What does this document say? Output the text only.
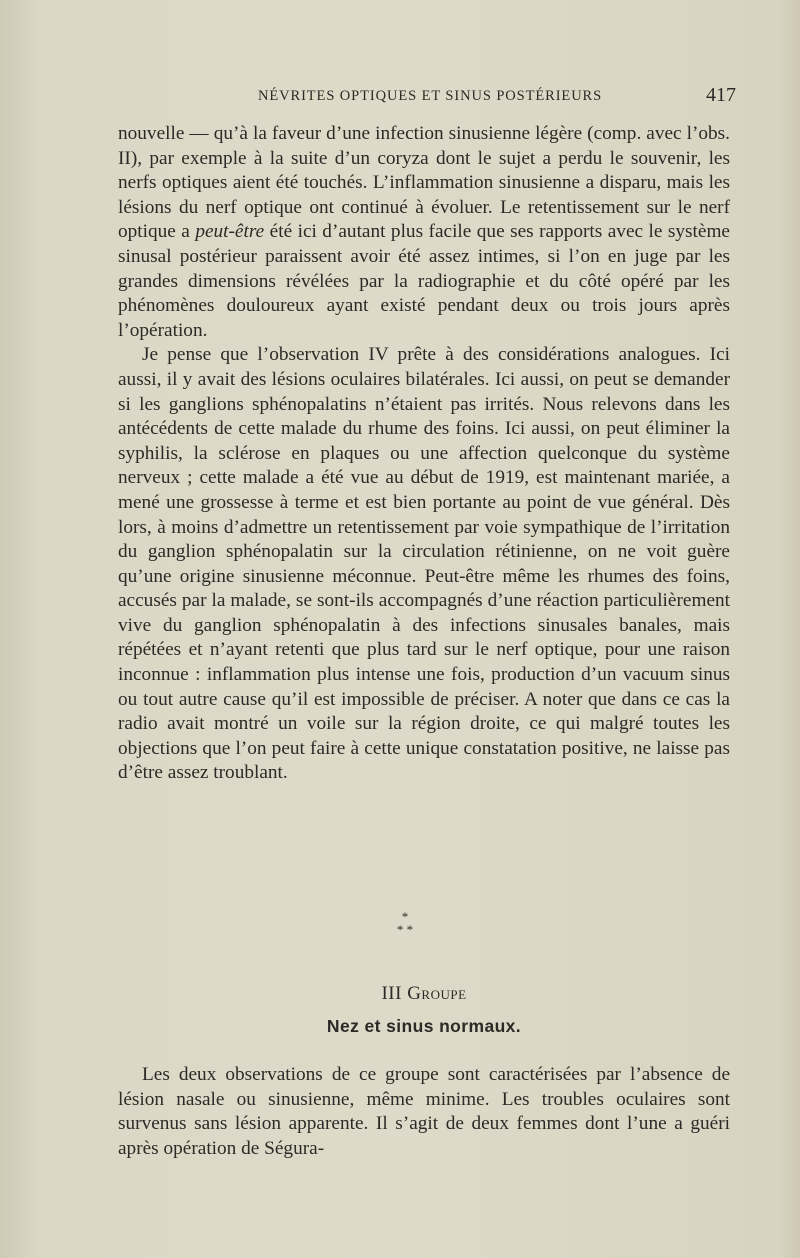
NÉVRITES OPTIQUES ET SINUS POSTÉRIEURS	417

nouvelle — qu’à la faveur d’une infection sinusienne légère (comp. avec l’obs. II), par exemple à la suite d’un coryza dont le sujet a perdu le souvenir, les nerfs optiques aient été touchés. L’inflammation sinusienne a disparu, mais les lésions du nerf optique ont continué à évoluer. Le retentissement sur le nerf optique a peut-être été ici d’autant plus facile que ses rapports avec le système sinusal postérieur paraissent avoir été assez intimes, si l’on en juge par les grandes dimensions révélées par la radiographie et du côté opéré par les phénomènes douloureux ayant existé pendant deux ou trois jours après l’opération.

Je pense que l’observation IV prête à des considérations analogues. Ici aussi, il y avait des lésions oculaires bilatérales. Ici aussi, on peut se demander si les ganglions sphénopalatins n’étaient pas irrités. Nous relevons dans les antécédents de cette malade du rhume des foins. Ici aussi, on peut éliminer la syphilis, la sclérose en plaques ou une affection quelconque du système nerveux ; cette malade a été vue au début de 1919, est maintenant mariée, a mené une grossesse à terme et est bien portante au point de vue général. Dès lors, à moins d’admettre un retentissement par voie sympathique de l’irritation du ganglion sphénopalatin sur la circulation rétinienne, on ne voit guère qu’une origine sinusienne méconnue. Peut-être même les rhumes des foins, accusés par la malade, se sont-ils accompagnés d’une réaction particulièrement vive du ganglion sphénopalatin à des infections sinusales banales, mais répétées et n’ayant retenti que plus tard sur le nerf optique, pour une raison inconnue : inflammation plus intense une fois, production d’un vacuum sinus ou tout autre cause qu’il est impossible de préciser. A noter que dans ce cas la radio avait montré un voile sur la région droite, ce qui malgré toutes les objections que l’on peut faire à cette unique constatation positive, ne laisse pas d’être assez troublant.

*
* *
III Groupe
Nez et sinus normaux.

Les deux observations de ce groupe sont caractérisées par l’absence de lésion nasale ou sinusienne, même minime. Les troubles oculaires sont survenus sans lésion apparente. Il s’agit de deux femmes dont l’une a guéri après opération de Ségura-
